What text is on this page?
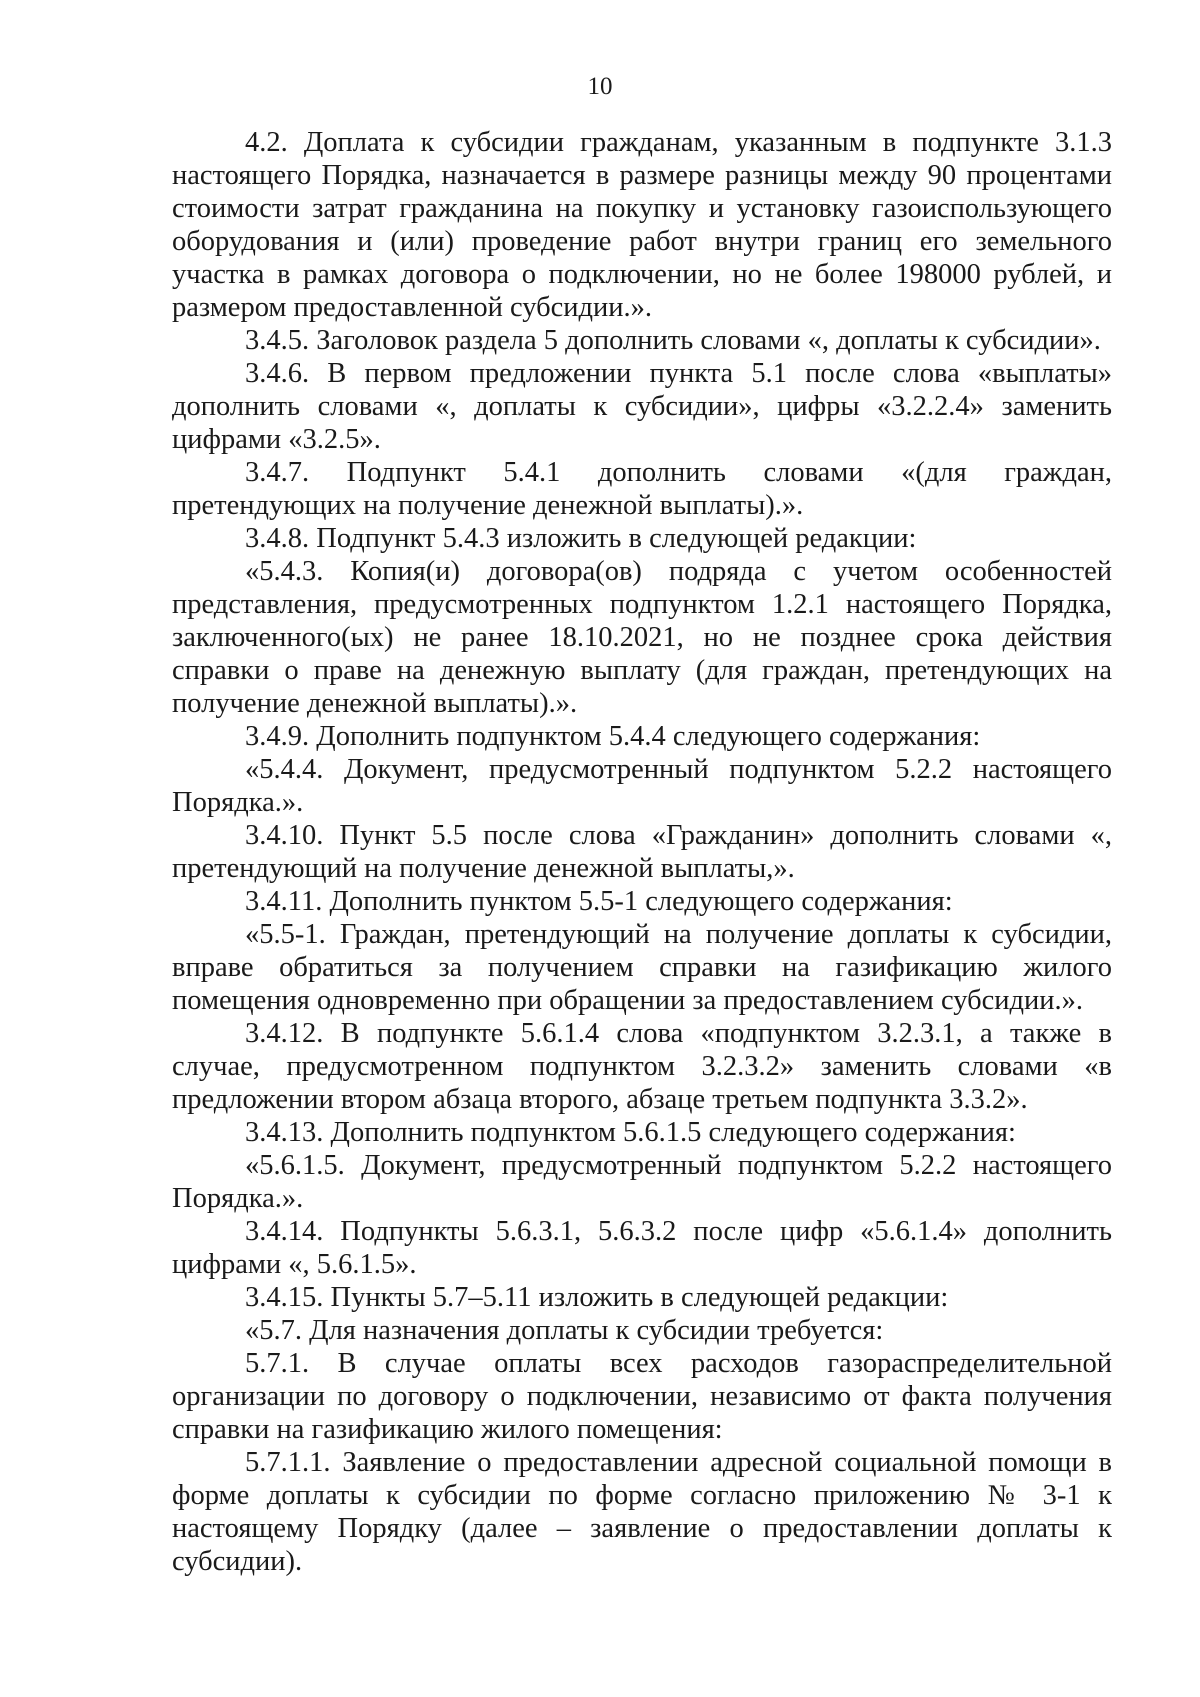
10

4.2. Доплата к субсидии гражданам, указанным в подпункте 3.1.3 настоящего Порядка, назначается в размере разницы между 90 процентами стоимости затрат гражданина на покупку и установку газоиспользующего оборудования и (или) проведение работ внутри границ его земельного участка в рамках договора о подключении, но не более 198000 рублей, и размером предоставленной субсидии.».

3.4.5. Заголовок раздела 5 дополнить словами «, доплаты к субсидии».

3.4.6. В первом предложении пункта 5.1 после слова «выплаты» дополнить словами «, доплаты к субсидии», цифры «3.2.2.4» заменить цифрами «3.2.5».

3.4.7. Подпункт 5.4.1 дополнить словами «(для граждан, претендующих на получение денежной выплаты).».

3.4.8. Подпункт 5.4.3 изложить в следующей редакции:

«5.4.3. Копия(и) договора(ов) подряда с учетом особенностей представления, предусмотренных подпунктом 1.2.1 настоящего Порядка, заключенного(ых) не ранее 18.10.2021, но не позднее срока действия справки о праве на денежную выплату (для граждан, претендующих на получение денежной выплаты).».

3.4.9. Дополнить подпунктом 5.4.4 следующего содержания:

«5.4.4. Документ, предусмотренный подпунктом 5.2.2 настоящего Порядка.».

3.4.10. Пункт 5.5 после слова «Гражданин» дополнить словами «, претендующий на получение денежной выплаты,».

3.4.11. Дополнить пунктом 5.5-1 следующего содержания:

«5.5-1. Граждан, претендующий на получение доплаты к субсидии, вправе обратиться за получением справки на газификацию жилого помещения одновременно при обращении за предоставлением субсидии.».

3.4.12. В подпункте 5.6.1.4 слова «подпунктом 3.2.3.1, а также в случае, предусмотренном подпунктом 3.2.3.2» заменить словами «в предложении втором абзаца второго, абзаце третьем подпункта 3.3.2».

3.4.13. Дополнить подпунктом 5.6.1.5 следующего содержания:

«5.6.1.5. Документ, предусмотренный подпунктом 5.2.2 настоящего Порядка.».

3.4.14. Подпункты 5.6.3.1, 5.6.3.2 после цифр «5.6.1.4» дополнить цифрами «, 5.6.1.5».

3.4.15. Пункты 5.7–5.11 изложить в следующей редакции:

«5.7. Для назначения доплаты к субсидии требуется:

5.7.1. В случае оплаты всех расходов газораспределительной организации по договору о подключении, независимо от факта получения справки на газификацию жилого помещения:

5.7.1.1. Заявление о предоставлении адресной социальной помощи в форме доплаты к субсидии по форме согласно приложению № 3-1 к настоящему Порядку (далее – заявление о предоставлении доплаты к субсидии).
